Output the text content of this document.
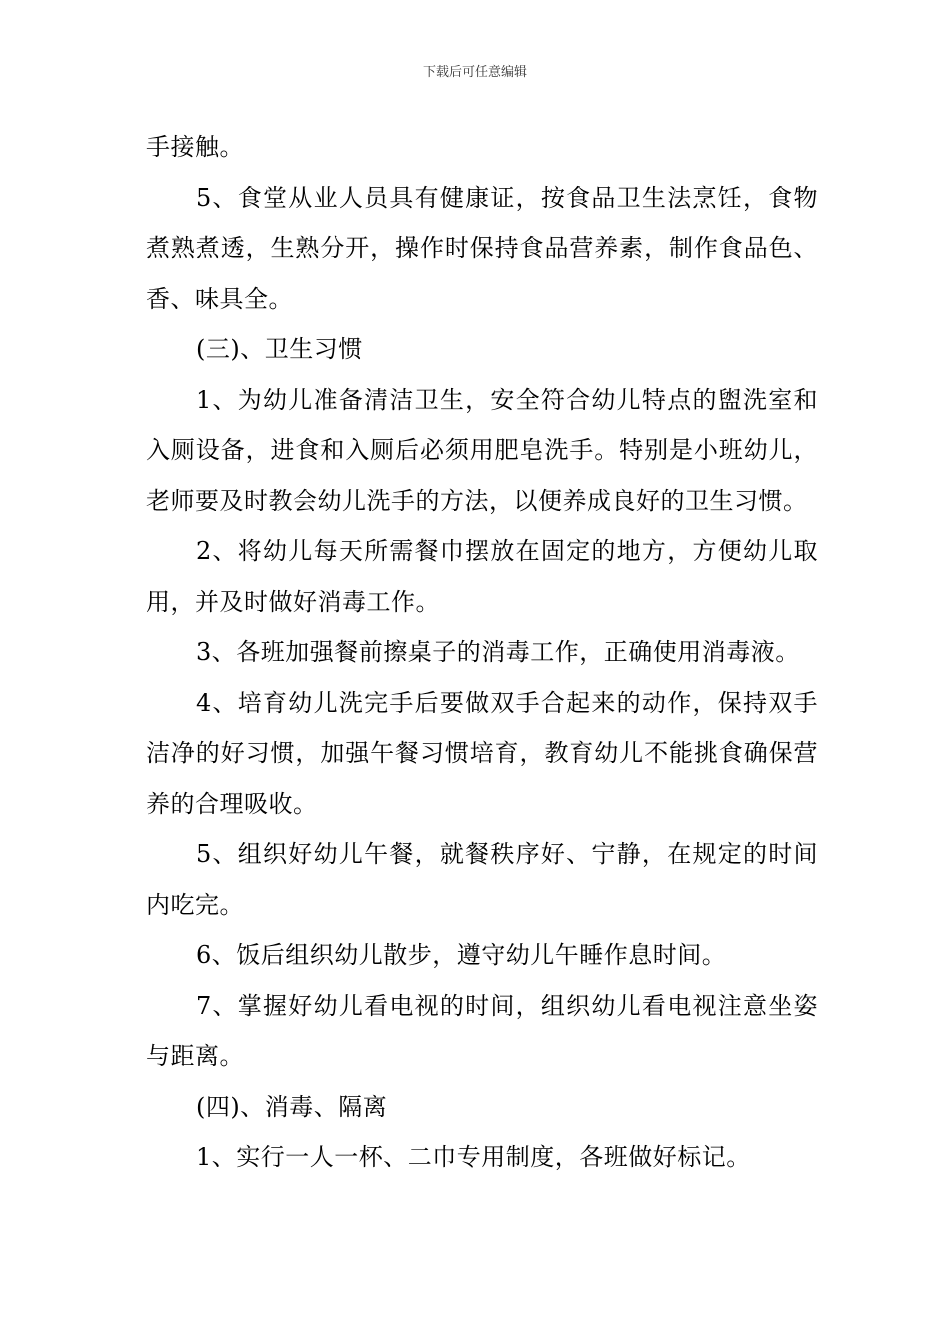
下载后可任意编辑

手接触。

5、食堂从业人员具有健康证，按食品卫生法烹饪，食物煮熟煮透，生熟分开，操作时保持食品营养素，制作食品色、香、味具全。

(三)、卫生习惯

1、为幼儿准备清洁卫生，安全符合幼儿特点的盥洗室和入厕设备，进食和入厕后必须用肥皂洗手。特别是小班幼儿，老师要及时教会幼儿洗手的方法，以便养成良好的卫生习惯。

2、将幼儿每天所需餐巾摆放在固定的地方，方便幼儿取用，并及时做好消毒工作。

3、各班加强餐前擦桌子的消毒工作，正确使用消毒液。

4、培育幼儿洗完手后要做双手合起来的动作，保持双手洁净的好习惯，加强午餐习惯培育，教育幼儿不能挑食确保营养的合理吸收。

5、组织好幼儿午餐，就餐秩序好、宁静，在规定的时间内吃完。

6、饭后组织幼儿散步，遵守幼儿午睡作息时间。

7、掌握好幼儿看电视的时间，组织幼儿看电视注意坐姿与距离。

(四)、消毒、隔离

1、实行一人一杯、二巾专用制度，各班做好标记。
